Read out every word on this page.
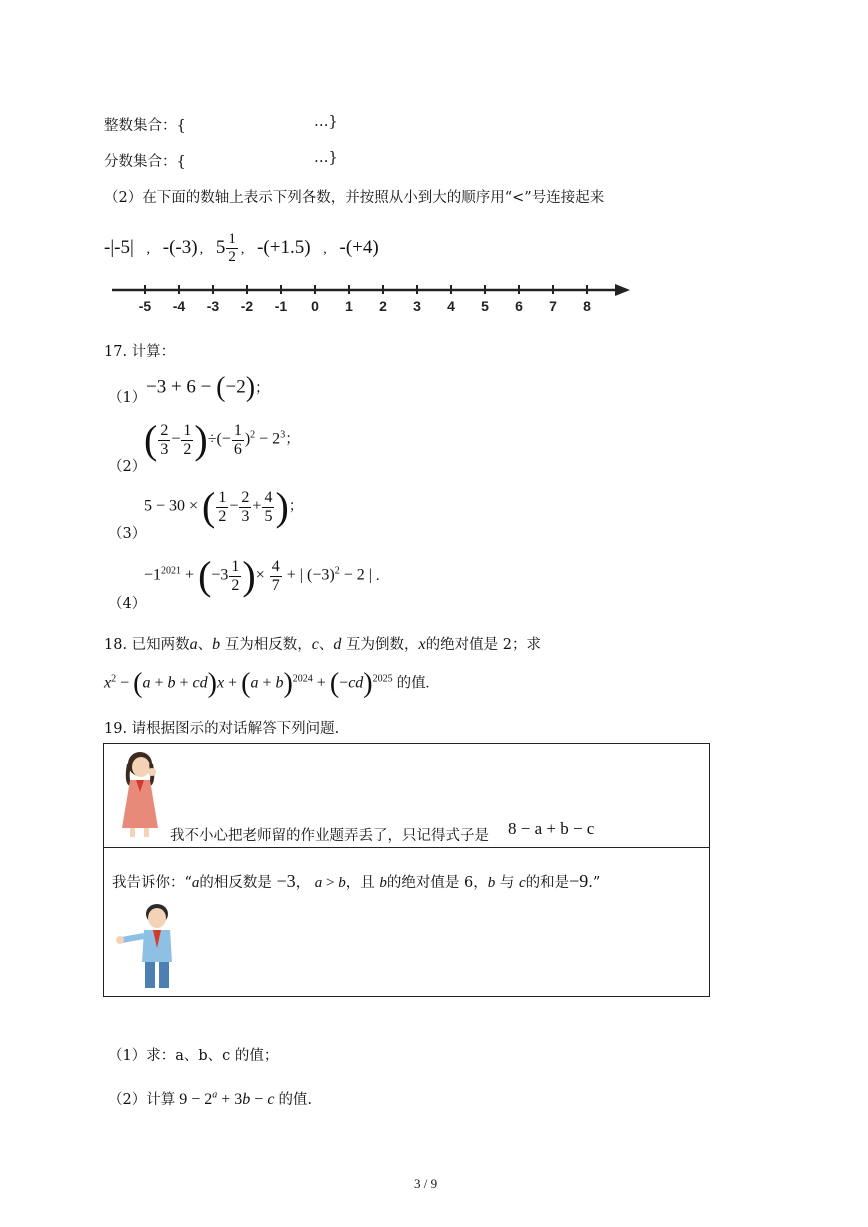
整数集合：{	…}
分数集合：{	…}
（2）在下面的数轴上表示下列各数，并按照从小到大的顺序用“<”号连接起来
-|-5| , -(-3) , $5 \frac{1}{2}$ , -(+1.5) , -(+4)
-5 -4 -3 -2 -1 0 1 2 3 4 5 6 7 8
17. 计算：
（1）
−3 + 6 − (−2)；
（2）
( $\frac{2}{3} - \frac{1}{2}$ )÷(− $\frac{1}{6} )^2 - 2^3$；
（3）
5 − 30 × ( $\frac{1}{2} - \frac{2}{3} + \frac{4}{5}$ )；
（4）
$-1^{2021} + (-3 \frac{1}{2}$ )× $\frac{4}{7}$ + | $(-3)^2 - 2$ | .
18. 已知两数a、b 互为相反数，c、d 互为倒数，x的绝对值是 2；求
$x^2 - (a + b + cd)x + (a + b)^{2024} + (-cd)^{2025}$ 的值.
19. 请根据图示的对话解答下列问题.
我不小心把老师留的作业题弄丢了，只记得式子是 8 − a + b − c
我告诉你：“a的相反数是 −3， a > b，且 b的绝对值是 6，b 与 c的和是−9.”
（1）求：a、b、c 的值；
（2）计算 $9 - 2^a + 3b - c$ 的值.
3 / 9
